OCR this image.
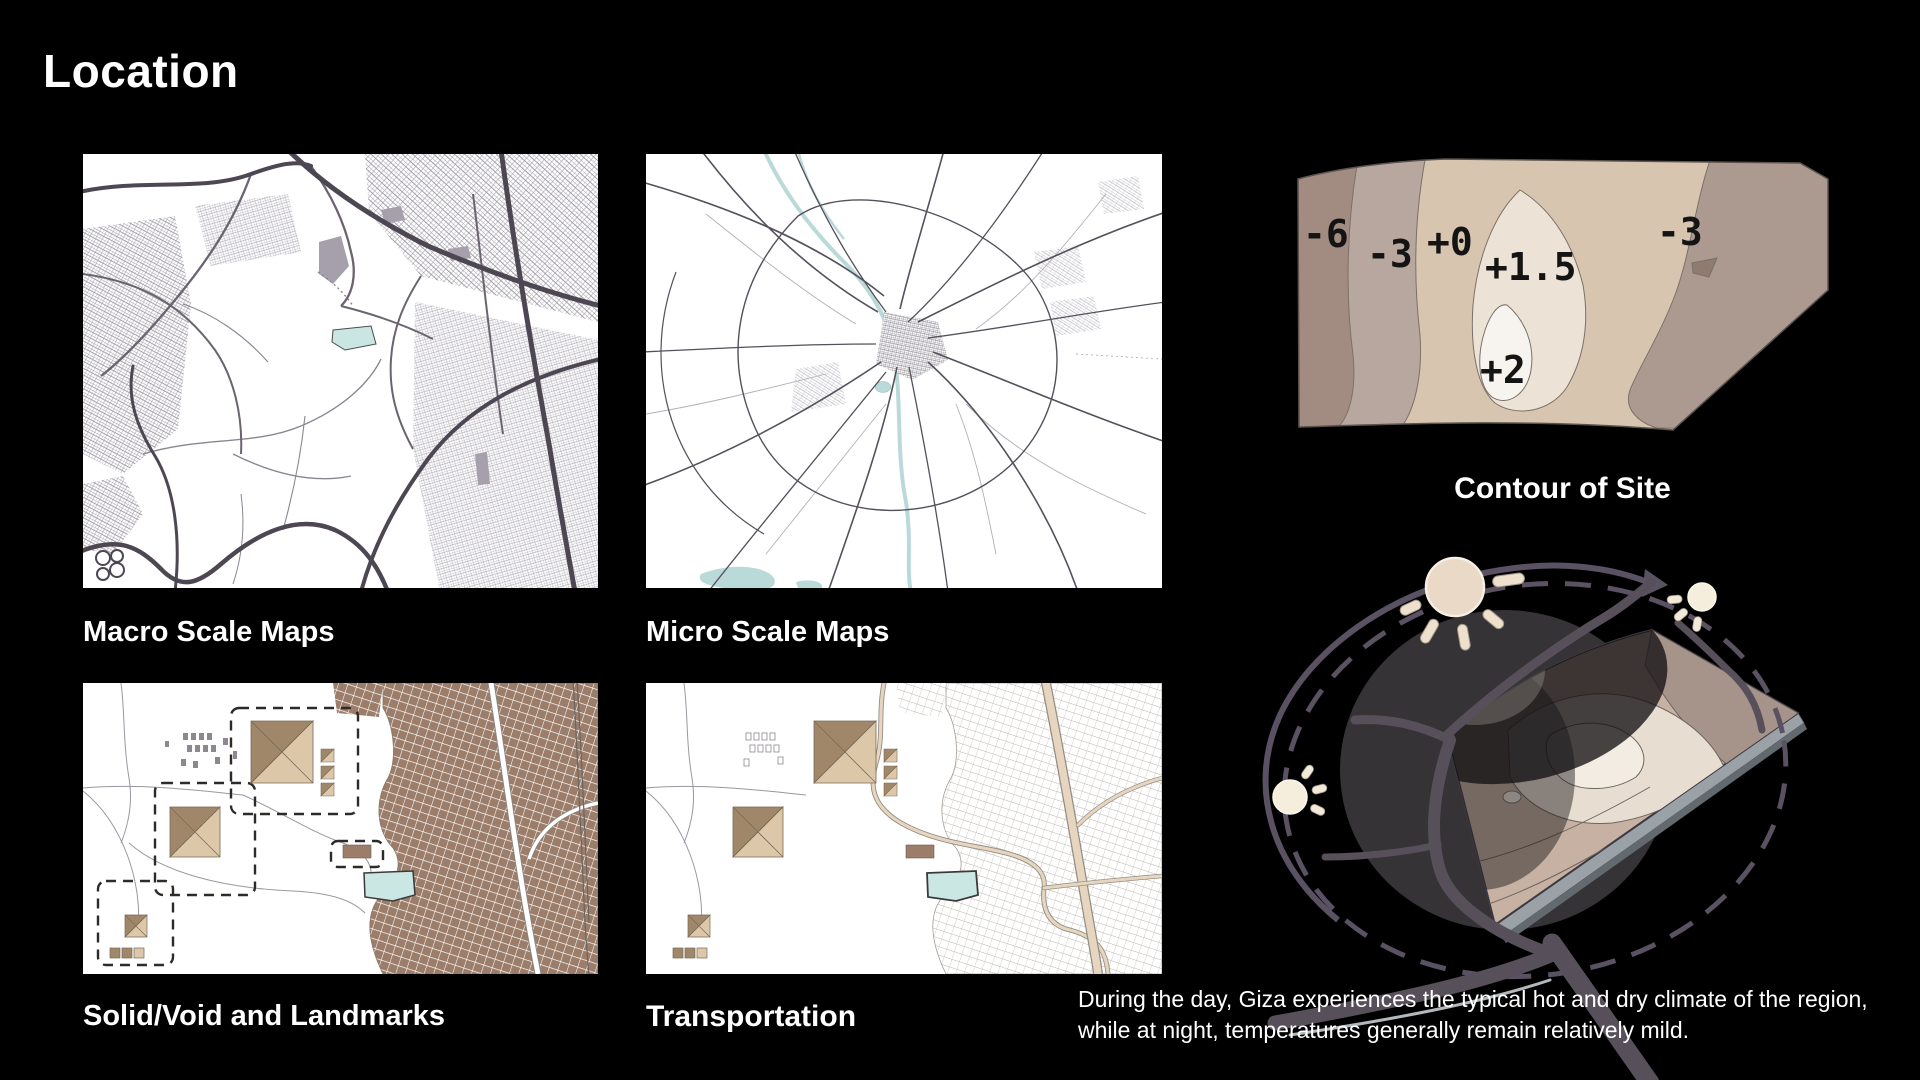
Location
-6 -3 +0
+1.5
+2
-3
Macro Scale Maps	Micro Scale Maps
Contour of Site
Solid/Void and Landmarks	Transportation
During the day, Giza experiences the typical hot and dry climate of the region,
while at night, temperatures generally remain relatively mild.
